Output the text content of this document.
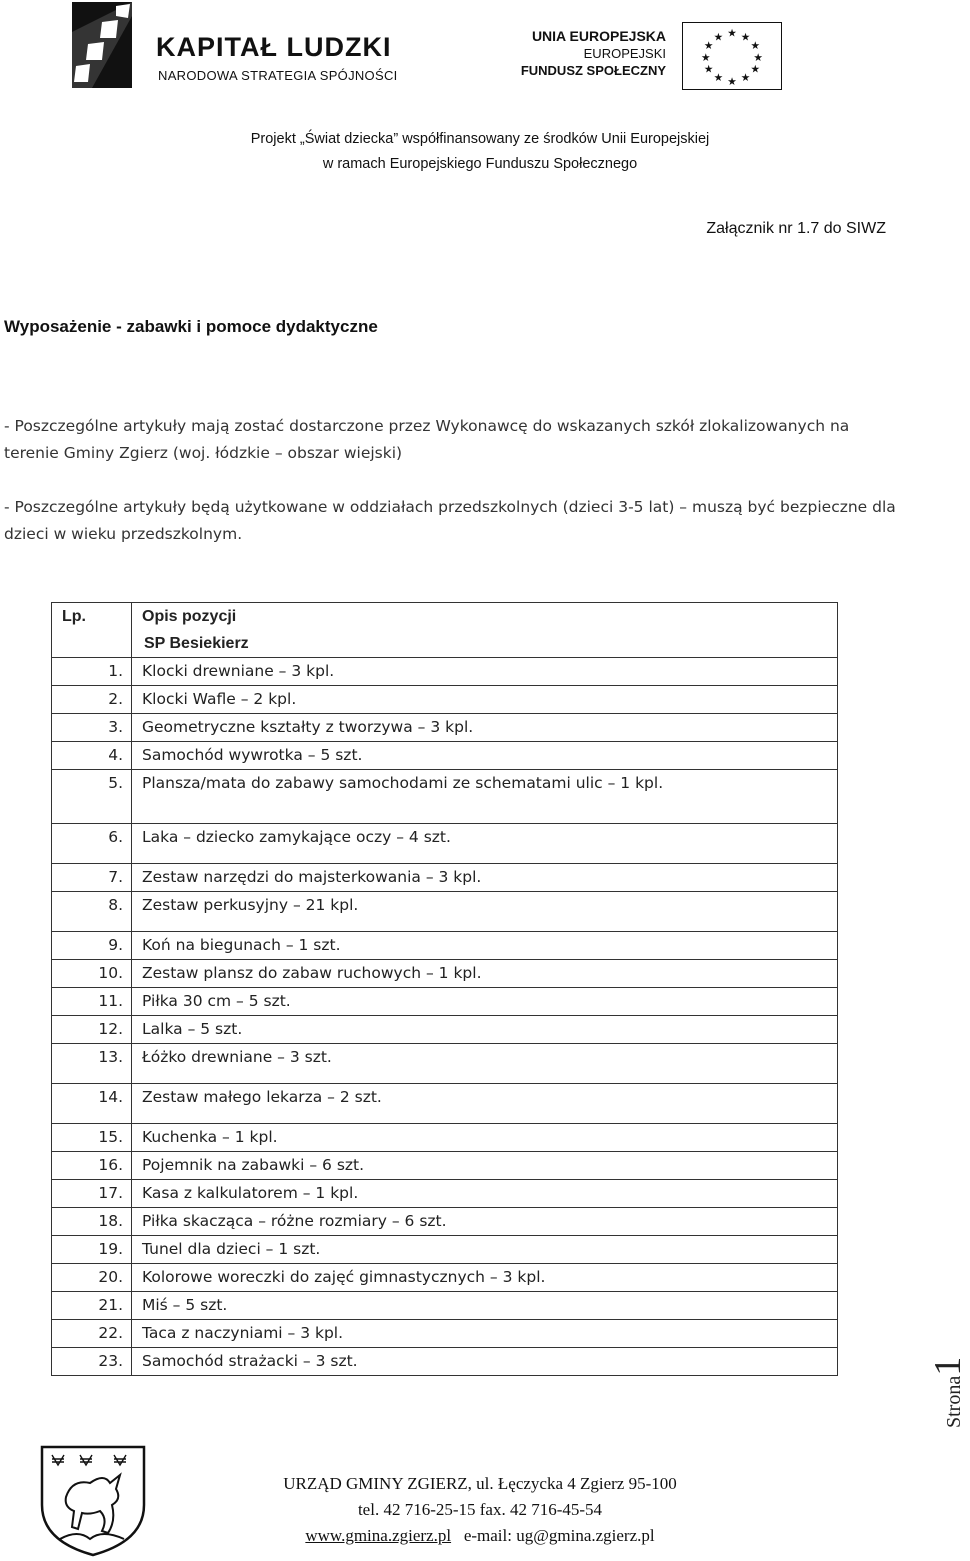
KAPITAŁ LUDZKI
NARODOWA STRATEGIA SPÓJNOŚCI
UNIA EUROPEJSKA
EUROPEJSKI
FUNDUSZ SPOŁECZNY
★ ★
★
★
★
★
★
★
★
★
★
★
Projekt „Świat dziecka” współfinansowany ze środków Unii Europejskiej
w ramach Europejskiego Funduszu Społecznego
Załącznik nr 1.7 do SIWZ
Wyposażenie - zabawki i pomoce dydaktyczne
- Poszczególne artykuły mają zostać dostarczone przez Wykonawcę do wskazanych szkół zlokalizowanych na terenie Gminy Zgierz (woj. łódzkie – obszar wiejski)
- Poszczególne artykuły będą użytkowane w oddziałach przedszkolnych (dzieci 3-5 lat) – muszą być bezpieczne dla dzieci w wieku przedszkolnym.
Lp.	Opis pozycji
SP Besiekierz

1.	Klocki drewniane – 3 kpl.

2.	Klocki Wafle – 2 kpl.

3.	Geometryczne kształty z tworzywa – 3 kpl.

4.	Samochód wywrotka – 5 szt.

5.	Plansza/mata do zabawy samochodami ze schematami ulic – 1 kpl.

6.	Laka – dziecko zamykające oczy – 4 szt.

7.	Zestaw narzędzi do majsterkowania – 3 kpl.

8.	Zestaw perkusyjny – 21 kpl.

9.	Koń na biegunach – 1 szt.

10.	Zestaw plansz do zabaw ruchowych – 1 kpl.

11.	Piłka 30 cm – 5 szt.

12.	Lalka – 5 szt.

13.	Łóżko drewniane – 3 szt.

14.	Zestaw małego lekarza – 2 szt.

15.	Kuchenka – 1 kpl.

16.	Pojemnik na zabawki – 6 szt.

17.	Kasa z kalkulatorem – 1 kpl.

18.	Piłka skacząca – różne rozmiary – 6 szt.

19.	Tunel dla dzieci – 1 szt.

20.	Kolorowe woreczki do zajęć gimnastycznych – 3 kpl.

21.	Miś – 5 szt.

22.	Taca z naczyniami – 3 kpl.

23.	Samochód strażacki – 3 szt.
Strona1
URZĄD GMINY ZGIERZ, ul. Łęczycka 4 Zgierz 95-100
tel. 42 716-25-15 fax. 42 716-45-54
www.gmina.zgierz.pl e-mail: ug@gmina.zgierz.pl
